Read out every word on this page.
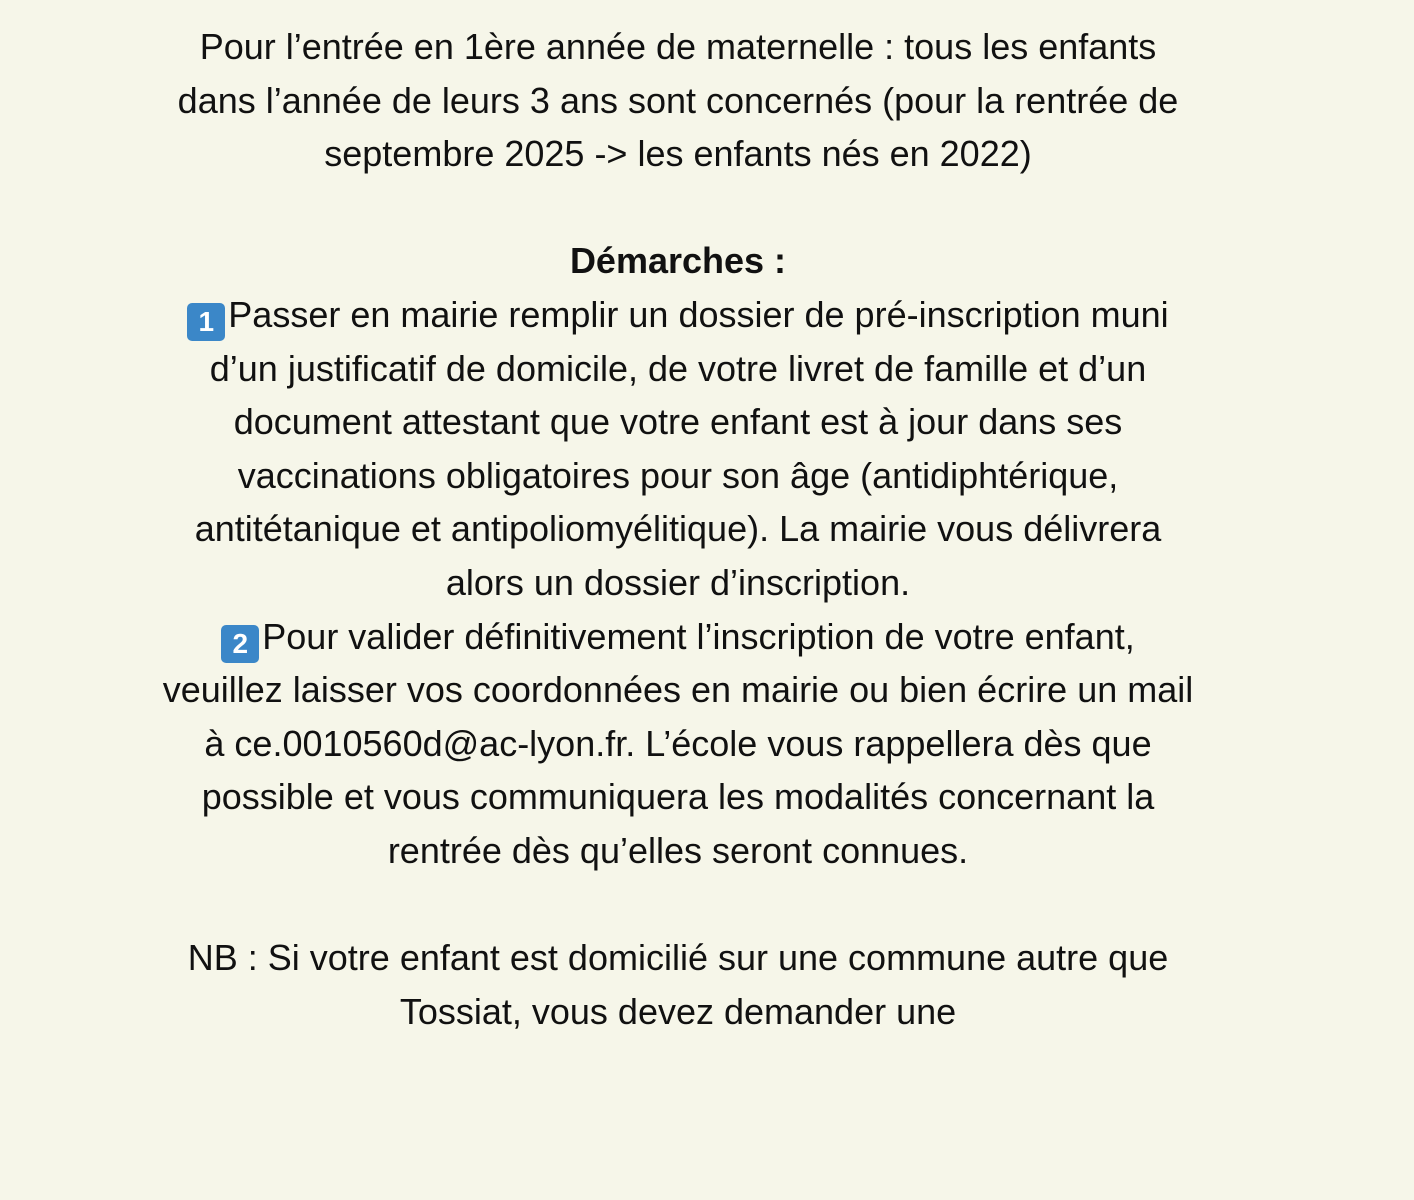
Pour l’entrée en 1ère année de maternelle : tous les enfants dans l’année de leurs 3 ans sont concernés (pour la rentrée de septembre 2025 -> les enfants nés en 2022)

Démarches :

1 Passer en mairie remplir un dossier de pré-inscription muni d’un justificatif de domicile, de votre livret de famille et d’un document attestant que votre enfant est à jour dans ses vaccinations obligatoires pour son âge (antidiphtérique, antitétanique et antipoliomyélitique). La mairie vous délivrera alors un dossier d’inscription.

2 Pour valider définitivement l’inscription de votre enfant, veuillez laisser vos coordonnées en mairie ou bien écrire un mail à ce.0010560d@ac-lyon.fr. L’école vous rappellera dès que possible et vous communiquera les modalités concernant la rentrée dès qu’elles seront connues.

NB : Si votre enfant est domicilié sur une commune autre que Tossiat, vous devez demander une
